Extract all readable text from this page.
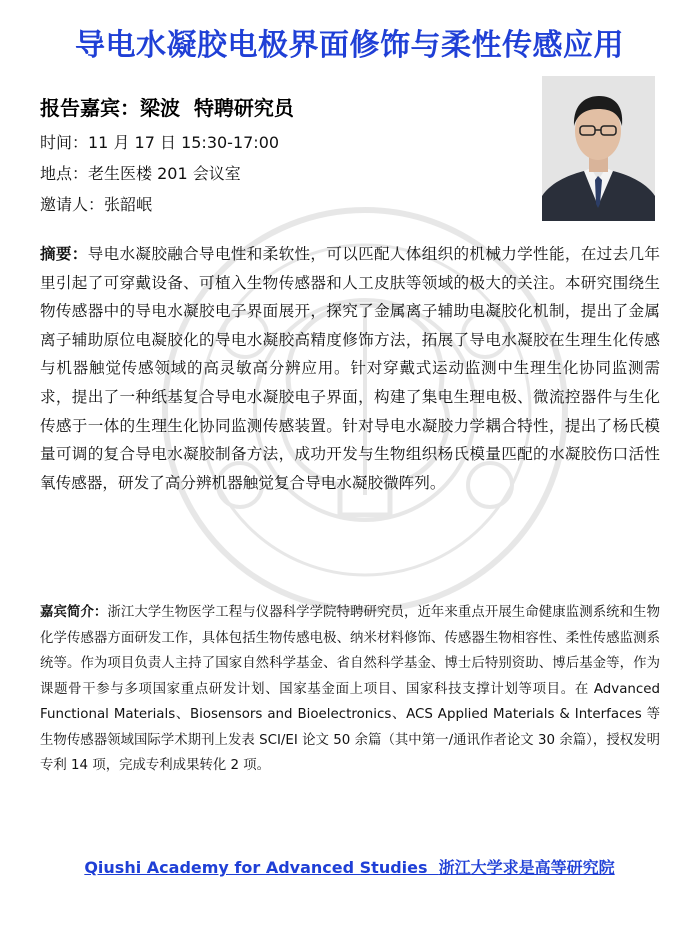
导电水凝胶电极界面修饰与柔性传感应用
报告嘉宾：梁波 特聘研究员
时间：11 月 17 日 15:30-17:00
地点：老生医楼 201 会议室
邀请人：张韶岷
摘要：导电水凝胶融合导电性和柔软性，可以匹配人体组织的机械力学性能，在过去几年里引起了可穿戴设备、可植入生物传感器和人工皮肤等领域的极大的关注。本研究围绕生物传感器中的导电水凝胶电子界面展开，探究了金属离子辅助电凝胶化机制，提出了金属离子辅助原位电凝胶化的导电水凝胶高精度修饰方法，拓展了导电水凝胶在生理生化传感与机器触觉传感领域的高灵敏高分辨应用。针对穿戴式运动监测中生理生化协同监测需求，提出了一种纸基复合导电水凝胶电子界面，构建了集电生理电极、微流控器件与生化传感于一体的生理生化协同监测传感装置。针对导电水凝胶力学耦合特性，提出了杨氏模量可调的复合导电水凝胶制备方法，成功开发与生物组织杨氏模量匹配的水凝胶伤口活性氧传感器，研发了高分辨机器触觉复合导电水凝胶微阵列。
嘉宾简介：浙江大学生物医学工程与仪器科学学院特聘研究员，近年来重点开展生命健康监测系统和生物化学传感器方面研发工作，具体包括生物传感电极、纳米材料修饰、传感器生物相容性、柔性传感监测系统等。作为项目负责人主持了国家自然科学基金、省自然科学基金、博士后特别资助、博后基金等，作为课题骨干参与多项国家重点研发计划、国家基金面上项目、国家科技支撑计划等项目。在 Advanced Functional Materials、Biosensors and Bioelectronics、ACS Applied Materials & Interfaces 等生物传感器领域国际学术期刊上发表 SCI/EI 论文 50 余篇（其中第一/通讯作者论文 30 余篇），授权发明专利 14 项，完成专利成果转化 2 项。
Qiushi Academy for Advanced Studies 浙江大学求是高等研究院
